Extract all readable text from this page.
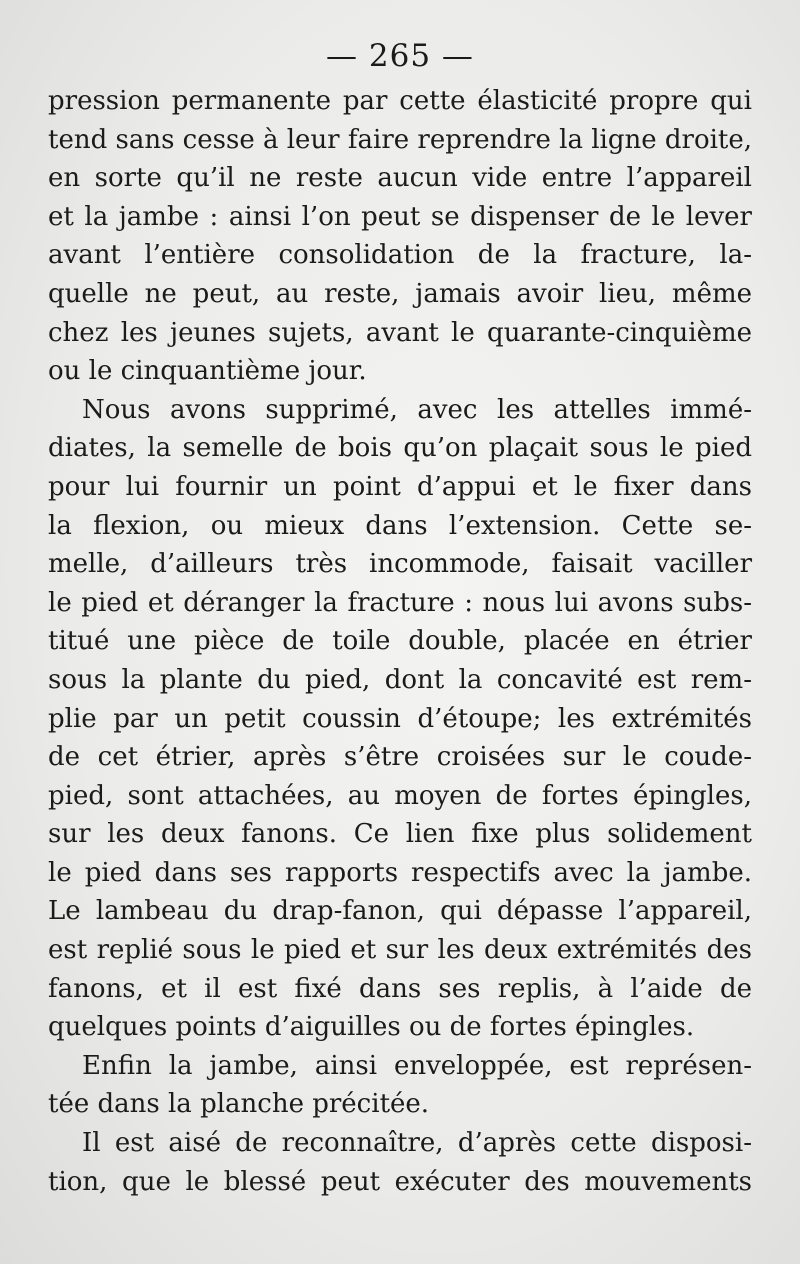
— 265 —
pression permanente par cette élasticité propre qui
tend sans cesse à leur faire reprendre la ligne droite,
en sorte qu’il ne reste aucun vide entre l’appareil
et la jambe : ainsi l’on peut se dispenser de le lever
avant l’entière consolidation de la fracture, la-
quelle ne peut, au reste, jamais avoir lieu, même
chez les jeunes sujets, avant le quarante-cinquième
ou le cinquantième jour.
Nous avons supprimé, avec les attelles immé-
diates, la semelle de bois qu’on plaçait sous le pied
pour lui fournir un point d’appui et le fixer dans
la flexion, ou mieux dans l’extension. Cette se-
melle, d’ailleurs très incommode, faisait vaciller
le pied et déranger la fracture : nous lui avons subs-
titué une pièce de toile double, placée en étrier
sous la plante du pied, dont la concavité est rem-
plie par un petit coussin d’étoupe; les extrémités
de cet étrier, après s’être croisées sur le coude-
pied, sont attachées, au moyen de fortes épingles,
sur les deux fanons. Ce lien fixe plus solidement
le pied dans ses rapports respectifs avec la jambe.
Le lambeau du drap-fanon, qui dépasse l’appareil,
est replié sous le pied et sur les deux extrémités des
fanons, et il est fixé dans ses replis, à l’aide de
quelques points d’aiguilles ou de fortes épingles.
Enfin la jambe, ainsi enveloppée, est représen-
tée dans la planche précitée.
Il est aisé de reconnaître, d’après cette disposi-
tion, que le blessé peut exécuter des mouvements
